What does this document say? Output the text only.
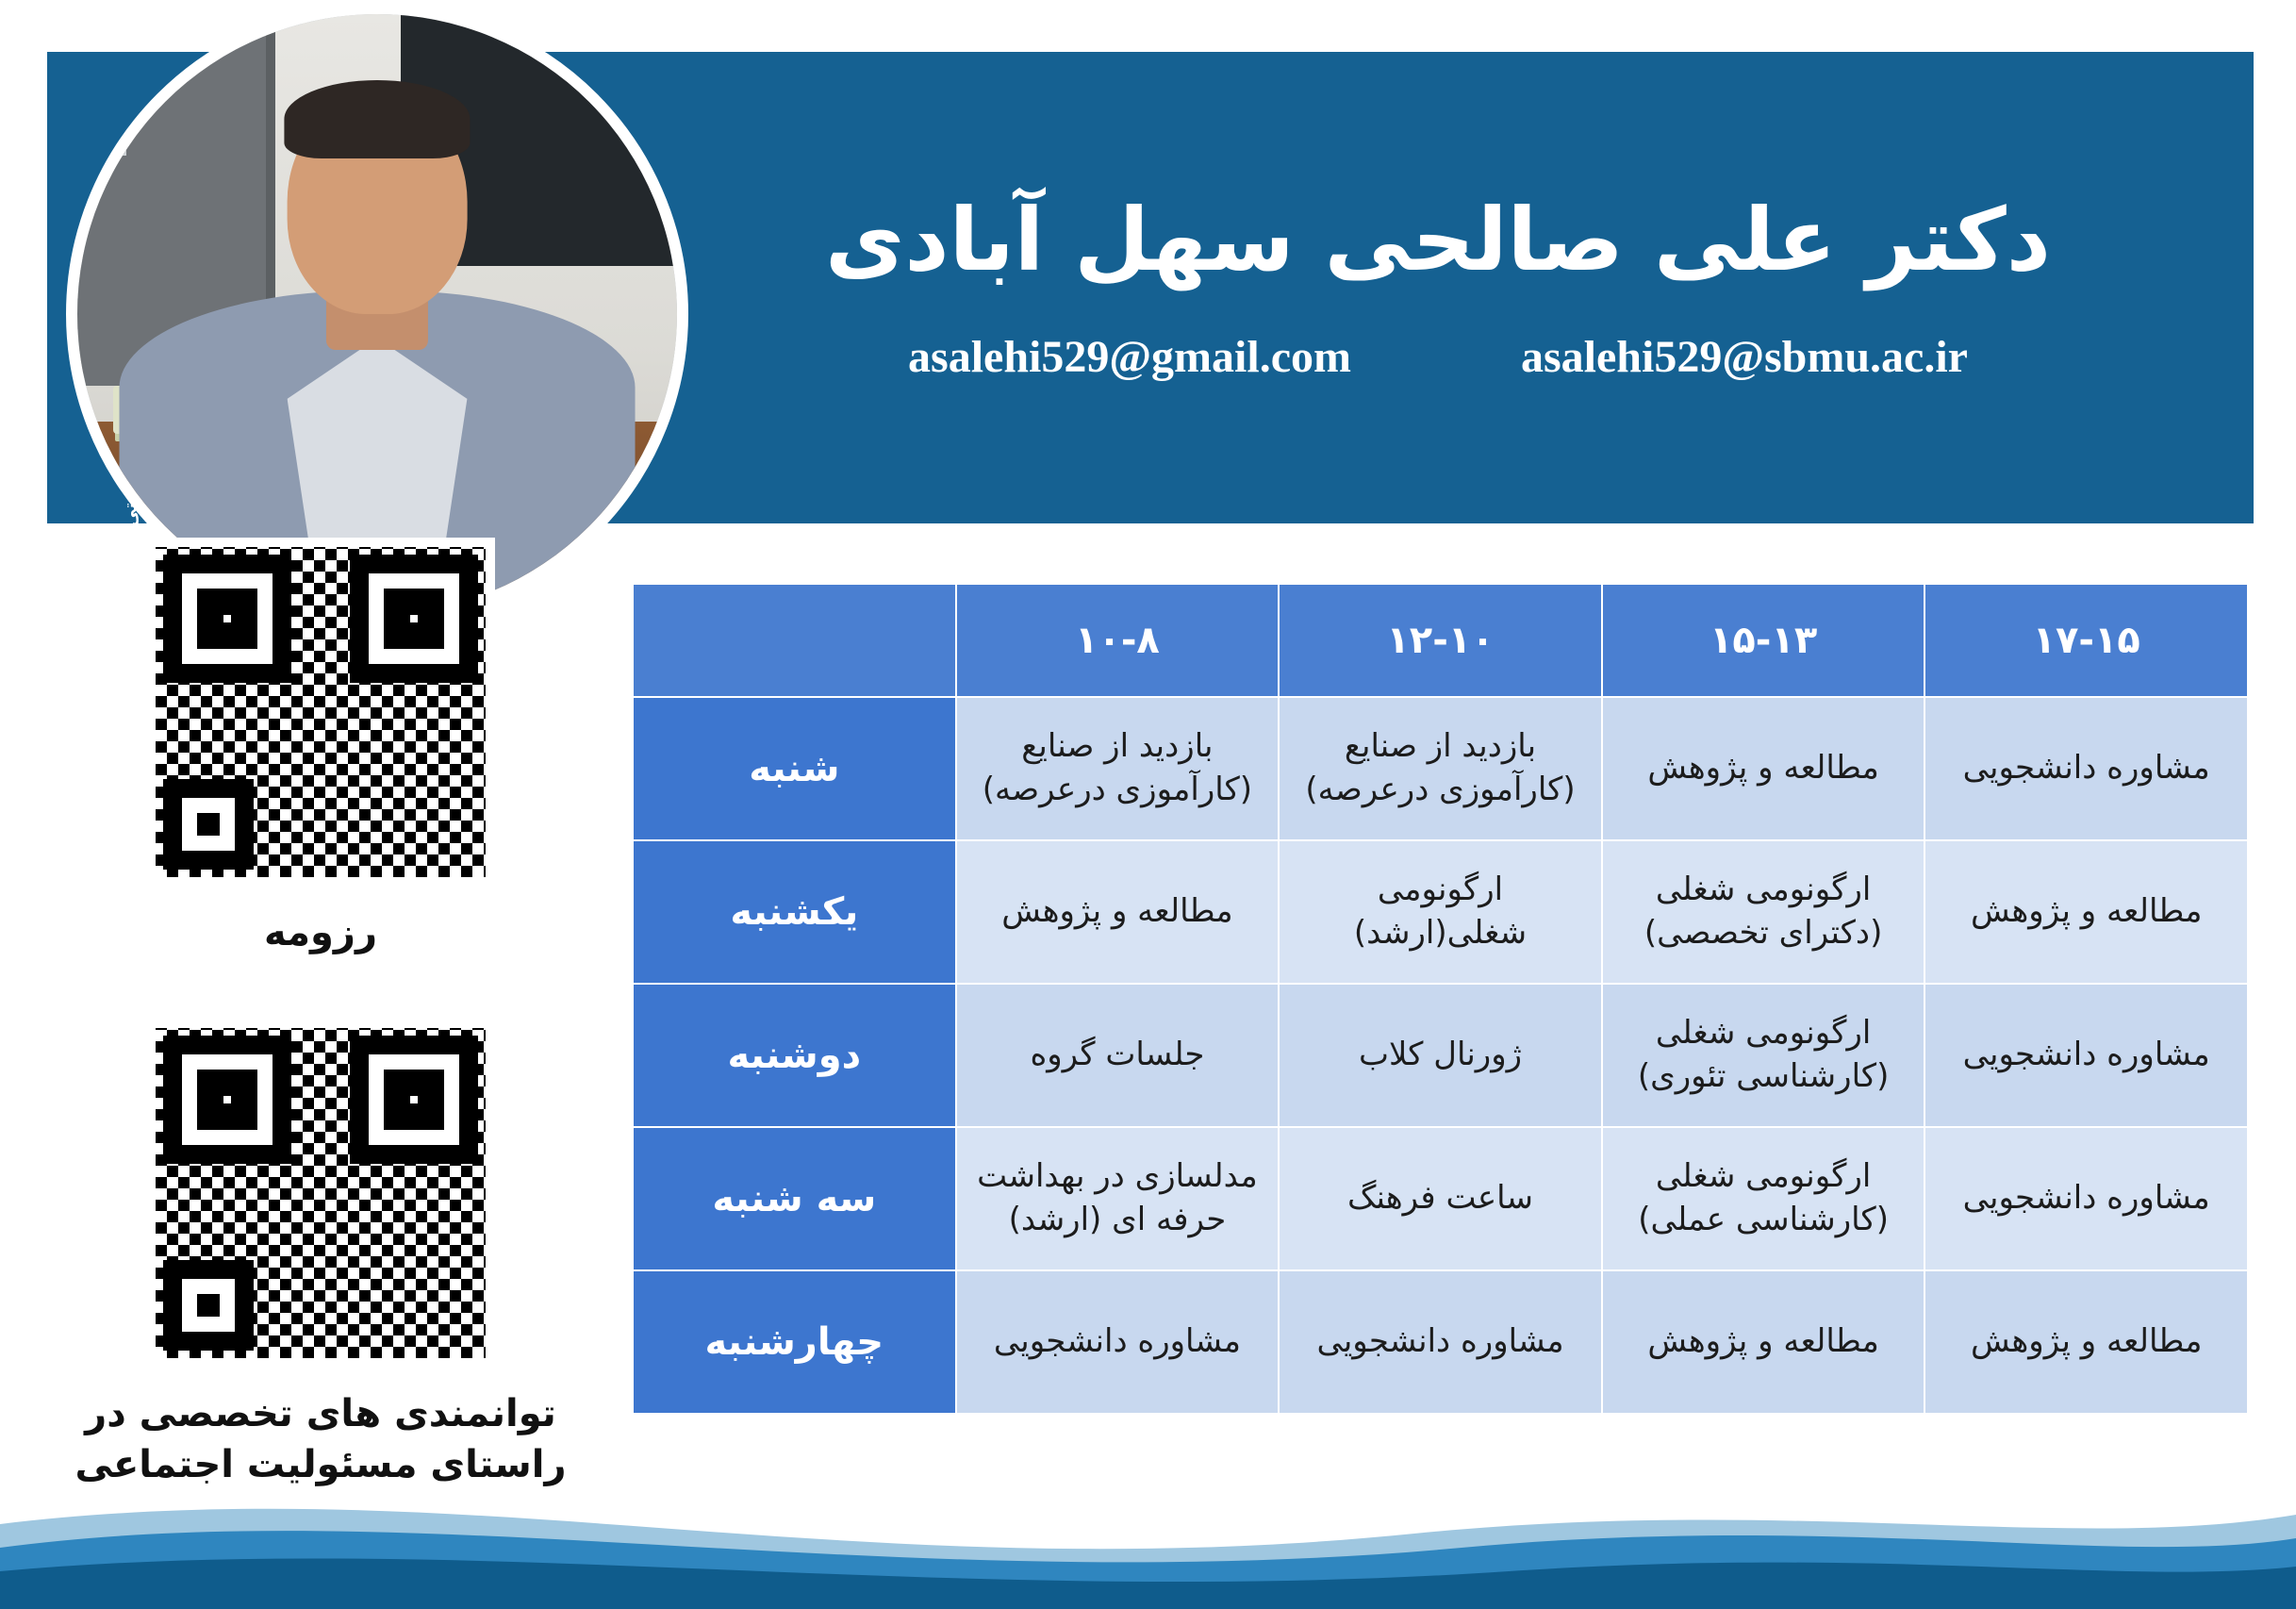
دکتر علی صالحی سهل آبادی
asalehi529@gmail.com	asalehi529@sbmu.ac.ir
۱۷-۱۵	۱۵-۱۳	۱۲-۱۰	۱۰-۸	
مشاوره دانشجویی	مطالعه و پژوهش	بازدید از صنایع (کارآموزی درعرصه)	بازدید از صنایع (کارآموزی درعرصه)	شنبه
مطالعه و پژوهش	ارگونومی شغلی (دکترای تخصصی)	ارگونومی شغلی(ارشد)	مطالعه و پژوهش	یکشنبه
مشاوره دانشجویی	ارگونومی شغلی (کارشناسی تئوری)	ژورنال کلاب	جلسات گروه	دوشنبه
مشاوره دانشجویی	ارگونومی شغلی (کارشناسی عملی)	ساعت فرهنگ	مدلسازی در بهداشت حرفه ای (ارشد)	سه شنبه
مطالعه و پژوهش	مطالعه و پژوهش	مشاوره دانشجویی	مشاوره دانشجویی	چهارشنبه
رزومه
توانمندی های تخصصی در راستای مسئولیت اجتماعی
